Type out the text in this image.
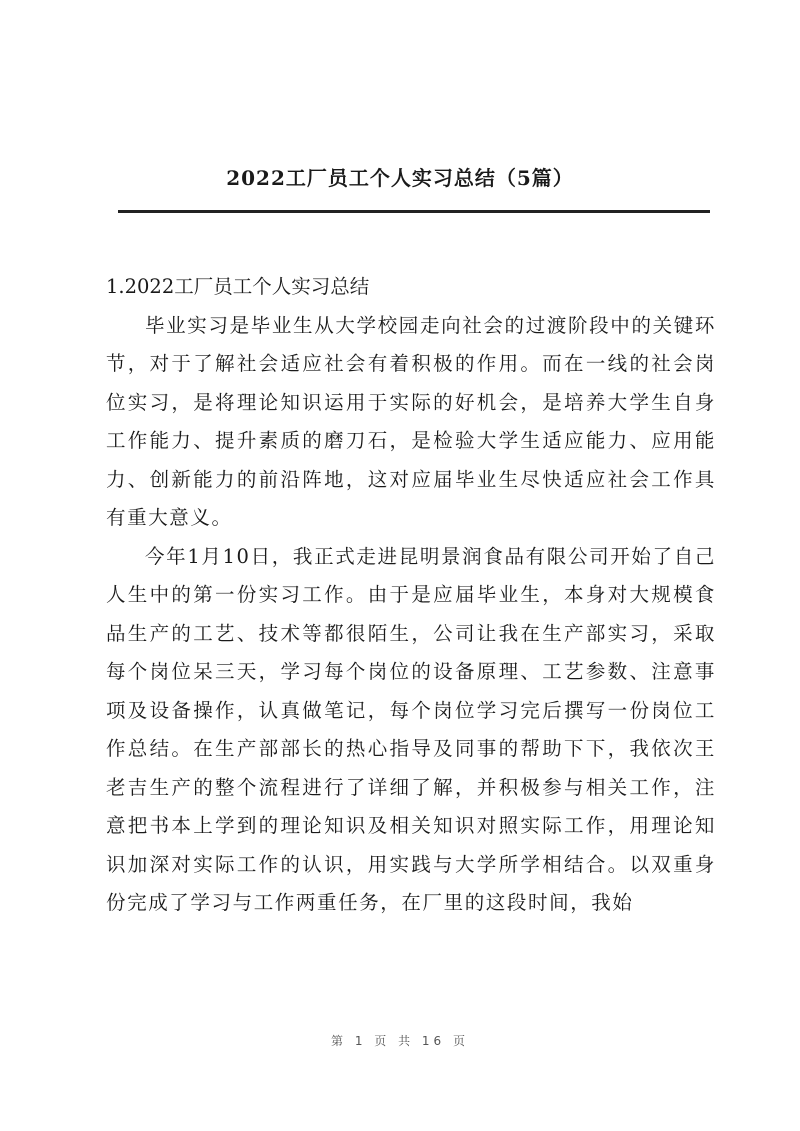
2022工厂员工个人实习总结（5篇）
1.2022工厂员工个人实习总结

毕业实习是毕业生从大学校园走向社会的过渡阶段中的关键环节，对于了解社会适应社会有着积极的作用。而在一线的社会岗位实习，是将理论知识运用于实际的好机会，是培养大学生自身工作能力、提升素质的磨刀石，是检验大学生适应能力、应用能力、创新能力的前沿阵地，这对应届毕业生尽快适应社会工作具有重大意义。

今年1月10日，我正式走进昆明景润食品有限公司开始了自己人生中的第一份实习工作。由于是应届毕业生，本身对大规模食品生产的工艺、技术等都很陌生，公司让我在生产部实习，采取每个岗位呆三天，学习每个岗位的设备原理、工艺参数、注意事项及设备操作，认真做笔记，每个岗位学习完后撰写一份岗位工作总结。在生产部部长的热心指导及同事的帮助下下，我依次王老吉生产的整个流程进行了详细了解，并积极参与相关工作，注意把书本上学到的理论知识及相关知识对照实际工作，用理论知识加深对实际工作的认识，用实践与大学所学相结合。以双重身份完成了学习与工作两重任务，在厂里的这段时间，我始

第 1 页 共 16 页
